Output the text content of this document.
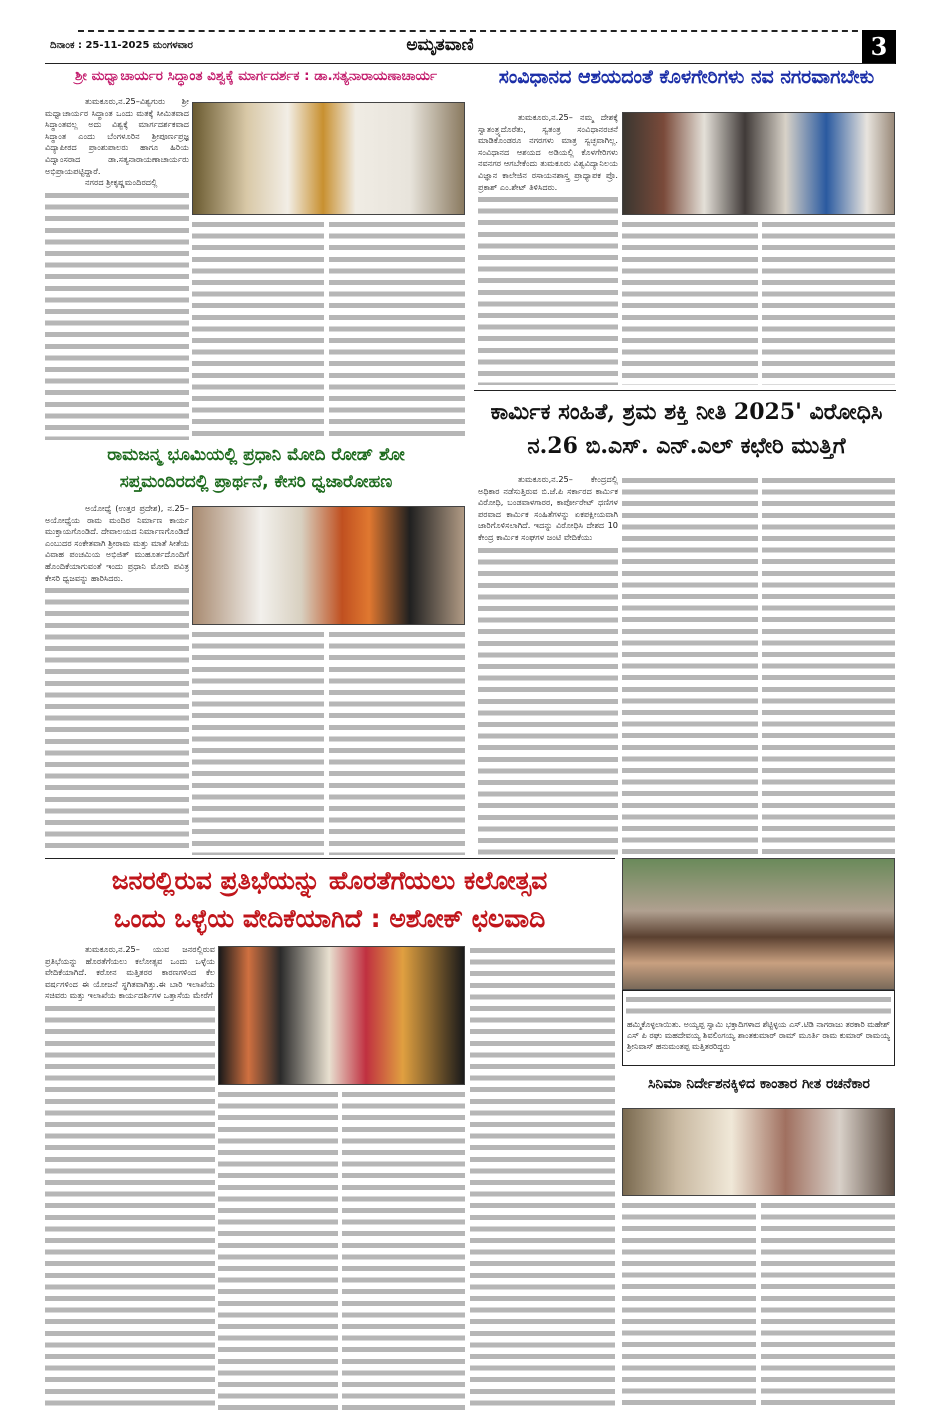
ದಿನಾಂಕ : 25-11-2025 ಮಂಗಳವಾರ	ಅಮೃತವಾಣಿ	3
ಶ್ರೀ ಮಧ್ವಾಚಾರ್ಯರ ಸಿದ್ಧಾಂತ ವಿಶ್ವಕ್ಕೆ ಮಾರ್ಗದರ್ಶಕ : ಡಾ.ಸತ್ಯನಾರಾಯಣಾಚಾರ್ಯ

ತುಮಕೂರು,ನ.25–ವಿಶ್ವಗುರು ಶ್ರೀ ಮಧ್ವಾಚಾರ್ಯರ ಸಿದ್ಧಾಂತ ಒಂದು ಮತಕ್ಕೆ ಸೀಮಿತವಾದ ಸಿದ್ಧಾಂತವಲ್ಲ ಅದು ವಿಶ್ವಕ್ಕೆ ಮಾರ್ಗದರ್ಶಕವಾದ ಸಿದ್ಧಾಂತ ಎಂದು ಬೆಂಗಳೂರಿನ ಶ್ರೀಪೂರ್ಣಪ್ರಜ್ಞ ವಿದ್ಯಾಪೀಠದ ಪ್ರಾಂಶುಪಾಲರು ಹಾಗೂ ಹಿರಿಯ ವಿದ್ವಾಂಸರಾದ ಡಾ.ಸತ್ಯನಾರಾಯಣಾಚಾರ್ಯರು ಅಭಿಪ್ರಾಯಪಟ್ಟಿದ್ದಾರೆ.

ನಗರದ ಶ್ರೀಕೃಷ್ಣಮಂದಿರದಲ್ಲಿ

ಸಂವಿಧಾನದ ಆಶಯದಂತೆ ಕೊಳಗೇರಿಗಳು ನವ ನಗರವಾಗಬೇಕು

ತುಮಕೂರು,ನ.25– ನಮ್ಮ ದೇಶಕ್ಕೆ ಸ್ವಾತಂತ್ರ್ಯದೊರೆತು, ಸ್ವತಂತ್ರ ಸಂವಿಧಾನರಚನೆ ಮಾಡಿಕೊಂಡರೂ ನಗರಗಳು ಮಾತ್ರ ಸ್ವಚ್ಛವಾಗಿಲ್ಲ. ಸಂವಿಧಾನದ ಆಶಯದ ಅಡಿಯಲ್ಲಿ ಕೊಳಗೇರಿಗಳು ನವನಗರ ಆಗಬೇಕೆಂದು ತುಮಕೂರು ವಿಶ್ವವಿದ್ಯಾನಿಲಯ ವಿಜ್ಞಾನ ಕಾಲೇಜಿನ ರಸಾಯನಶಾಸ್ತ್ರ ಪ್ರಾಧ್ಯಾಪಕ ಪ್ರೊ. ಪ್ರಕಾಶ್ ಎಂ.ಶೇಟ್ ತಿಳಿಸಿದರು.

ಕಾರ್ಮಿಕ ಸಂಹಿತೆ, ಶ್ರಮ ಶಕ್ತಿ ನೀತಿ 2025' ವಿರೋಧಿಸಿ
ನ.26 ಬಿ.ಎಸ್. ಎನ್.ಎಲ್ ಕಛೇರಿ ಮುತ್ತಿಗೆ

ತುಮಕೂರು,ನ.25– ಕೇಂದ್ರದಲ್ಲಿ ಅಧಿಕಾರ ನಡೆಸುತ್ತಿರುವ ಬಿ.ಜೆ.ಪಿ ಸರ್ಕಾರದ ಕಾರ್ಮಿಕ ವಿರೋಧಿ, ಬಂಡವಾಳಗಾರರ, ಕಾರ್ಪೋರೇಟ್ ಧಣಿಗಳ ಪರವಾದ ಕಾರ್ಮಿಕ ಸಂಹಿತೆಗಳನ್ನು ಏಕಪಕ್ಷೀಯವಾಗಿ ಜಾರಿಗೊಳಿಸಲಾಗಿದೆ. ಇದನ್ನು ವಿರೋಧಿಸಿ ದೇಶದ 10 ಕೇಂದ್ರ ಕಾರ್ಮಿಕ ಸಂಘಗಳ ಜಂಟಿ ವೇದಿಕೆಯು

ರಾಮಜನ್ಮ ಭೂಮಿಯಲ್ಲಿ ಪ್ರಧಾನಿ ಮೋದಿ ರೋಡ್ ಶೋ
ಸಪ್ತಮಂದಿರದಲ್ಲಿ ಪ್ರಾರ್ಥನೆ, ಕೇಸರಿ ಧ್ವಜಾರೋಹಣ

ಅಯೋಧ್ಯೆ (ಉತ್ತರ ಪ್ರದೇಶ), ನ.25– ಅಯೋಧ್ಯೆಯ ರಾಮ ಮಂದಿರ ನಿರ್ಮಾಣ ಕಾರ್ಯ ಮುಕ್ತಾಯಗೊಂಡಿದೆ. ದೇವಾಲಯದ ನಿರ್ಮಾಣಗೊಂಡಿದೆ ಎಂಬುದರ ಸಂಕೇತವಾಗಿ ಶ್ರೀರಾಮ ಮತ್ತು ಮಾತೆ ಸೀತೆಯ ವಿವಾಹ ಪಂಚಮಿಯ ಅಭಿಜಿತ್ ಮುಹೂರ್ತದೊಂದಿಗೆ ಹೊಂದಿಕೆಯಾಗುವಂತೆ ಇಂದು ಪ್ರಧಾನಿ ಮೋದಿ ಪವಿತ್ರ ಕೇಸರಿ ಧ್ವಜವನ್ನು ಹಾರಿಸಿದರು.

ಜನರಲ್ಲಿರುವ ಪ್ರತಿಭೆಯನ್ನು ಹೊರತೆಗೆಯಲು ಕಲೋತ್ಸವ
ಒಂದು ಒಳ್ಳೆಯ ವೇದಿಕೆಯಾಗಿದೆ : ಅಶೋಕ್ ಛಲವಾದಿ

ತುಮಕೂರು,ನ.25– ಯುವ ಜನರಲ್ಲಿರುವ ಪ್ರತಿಭೆಯನ್ನು ಹೊರತೆಗೆಯಲು ಕಲೋತ್ಸವ ಒಂದು ಒಳ್ಳೆಯ ವೇದಿಕೆಯಾಗಿದೆ. ಕರೋನ ಮತ್ತಿತರರ ಕಾರಣಗಳಿಂದ ಕೆಲ ವರ್ಷಗಳಿಂದ ಈ ಯೋಜನೆ ಸ್ಥಗಿತವಾಗಿತ್ತು.ಈ ಬಾರಿ ಇಲಾಖೆಯ ಸಚಿವರು ಮತ್ತು ಇಲಾಖೆಯ ಕಾರ್ಯದರ್ಶಿಗಳ ಒತ್ತಾಸೆಯ ಮೇರೆಗೆ

ಹಮ್ಮಿಕೊಳ್ಳಲಾಯಿತು. ಅಯ್ಯಪ್ಪ ಸ್ವಾಮಿ ಭಕ್ತಾದಿಗಳಾದ ಶೆಟ್ಟಿಳ್ಳಯ ಎಸ್.ಟಿಡಿ ನಾಗರಾಜು ತರಕಾರಿ ಮಹೇಶ್ ಎಸ್ ಪಿ ರಘು ಮಹದೇವಯ್ಯ ಶಿವಲಿಂಗಯ್ಯ ಶಾಂತಕುಮಾರ್ ರಾಮ್ ಮೂರ್ತಿ ರಾಮ ಕುಮಾರ್ ರಾಮಯ್ಯ ಶ್ರೀನಿವಾಸ್ ಹನುಮಂತಪ್ಪ ಮತ್ತಿತರರಿದ್ದರು
ಸಿನಿಮಾ ನಿರ್ದೇಶನಕ್ಕಿಳಿದ ಕಾಂತಾರ ಗೀತ ರಚನೆಕಾರ
